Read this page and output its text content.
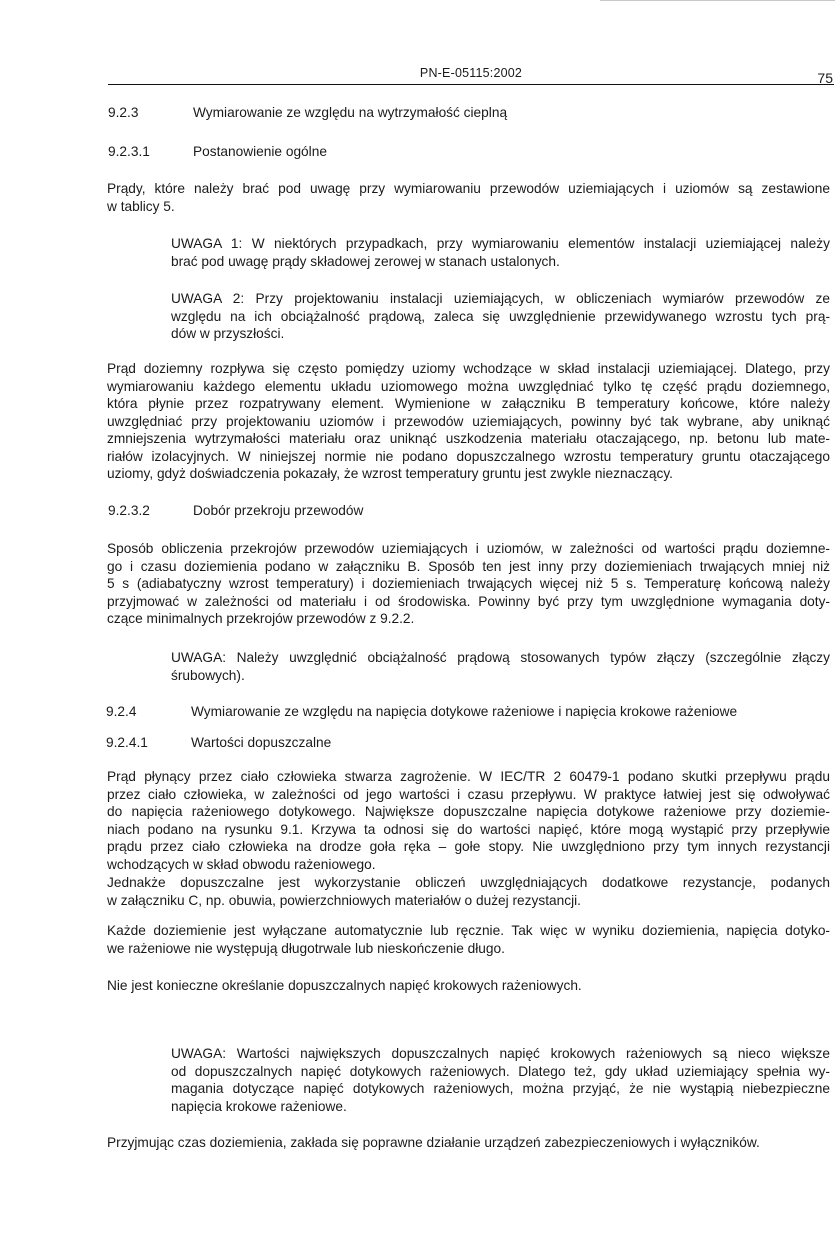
PN-E-05115:2002	75
9.2.3	Wymiarowanie ze względu na wytrzymałość cieplną
9.2.3.1	Postanowienie ogólne
Prądy, które należy brać pod uwagę przy wymiarowaniu przewodów uziemiających i uziomów są zestawione
w tablicy 5.
UWAGA 1: W niektórych przypadkach, przy wymiarowaniu elementów instalacji uziemiającej należy
brać pod uwagę prądy składowej zerowej w stanach ustalonych.
UWAGA 2: Przy projektowaniu instalacji uziemiających, w obliczeniach wymiarów przewodów ze
względu na ich obciążalność prądową, zaleca się uwzględnienie przewidywanego wzrostu tych prą-
dów w przyszłości.
Prąd doziemny rozpływa się często pomiędzy uziomy wchodzące w skład instalacji uziemiającej. Dlatego, przy
wymiarowaniu każdego elementu układu uziomowego można uwzględniać tylko tę część prądu doziemnego,
która płynie przez rozpatrywany element. Wymienione w załączniku B temperatury końcowe, które należy
uwzględniać przy projektowaniu uziomów i przewodów uziemiających, powinny być tak wybrane, aby uniknąć
zmniejszenia wytrzymałości materiału oraz uniknąć uszkodzenia materiału otaczającego, np. betonu lub mate-
riałów izolacyjnych. W niniejszej normie nie podano dopuszczalnego wzrostu temperatury gruntu otaczającego
uziomy, gdyż doświadczenia pokazały, że wzrost temperatury gruntu jest zwykle nieznaczący.
9.2.3.2	Dobór przekroju przewodów
Sposób obliczenia przekrojów przewodów uziemiających i uziomów, w zależności od wartości prądu doziemne-
go i czasu doziemienia podano w załączniku B. Sposób ten jest inny przy doziemieniach trwających mniej niż
5 s (adiabatyczny wzrost temperatury) i doziemieniach trwających więcej niż 5 s. Temperaturę końcową należy
przyjmować w zależności od materiału i od środowiska. Powinny być przy tym uwzględnione wymagania doty-
czące minimalnych przekrojów przewodów z 9.2.2.
UWAGA: Należy uwzględnić obciążalność prądową stosowanych typów złączy (szczególnie złączy
śrubowych).
9.2.4	Wymiarowanie ze względu na napięcia dotykowe rażeniowe i napięcia krokowe rażeniowe
9.2.4.1	Wartości dopuszczalne
Prąd płynący przez ciało człowieka stwarza zagrożenie. W IEC/TR 2 60479-1 podano skutki przepływu prądu
przez ciało człowieka, w zależności od jego wartości i czasu przepływu. W praktyce łatwiej jest się odwoływać
do napięcia rażeniowego dotykowego. Największe dopuszczalne napięcia dotykowe rażeniowe przy doziemie-
niach podano na rysunku 9.1. Krzywa ta odnosi się do wartości napięć, które mogą wystąpić przy przepływie
prądu przez ciało człowieka na drodze goła ręka – gołe stopy. Nie uwzględniono przy tym innych rezystancji
wchodzących w skład obwodu rażeniowego.
Jednakże dopuszczalne jest wykorzystanie obliczeń uwzględniających dodatkowe rezystancje, podanych
w załączniku C, np. obuwia, powierzchniowych materiałów o dużej rezystancji.
Każde doziemienie jest wyłączane automatycznie lub ręcznie. Tak więc w wyniku doziemienia, napięcia dotyko-
we rażeniowe nie występują długotrwale lub nieskończenie długo.
Nie jest konieczne określanie dopuszczalnych napięć krokowych rażeniowych.
UWAGA: Wartości największych dopuszczalnych napięć krokowych rażeniowych są nieco większe
od dopuszczalnych napięć dotykowych rażeniowych. Dlatego też, gdy układ uziemiający spełnia wy-
magania dotyczące napięć dotykowych rażeniowych, można przyjąć, że nie wystąpią niebezpieczne
napięcia krokowe rażeniowe.
Przyjmując czas doziemienia, zakłada się poprawne działanie urządzeń zabezpieczeniowych i wyłączników.
